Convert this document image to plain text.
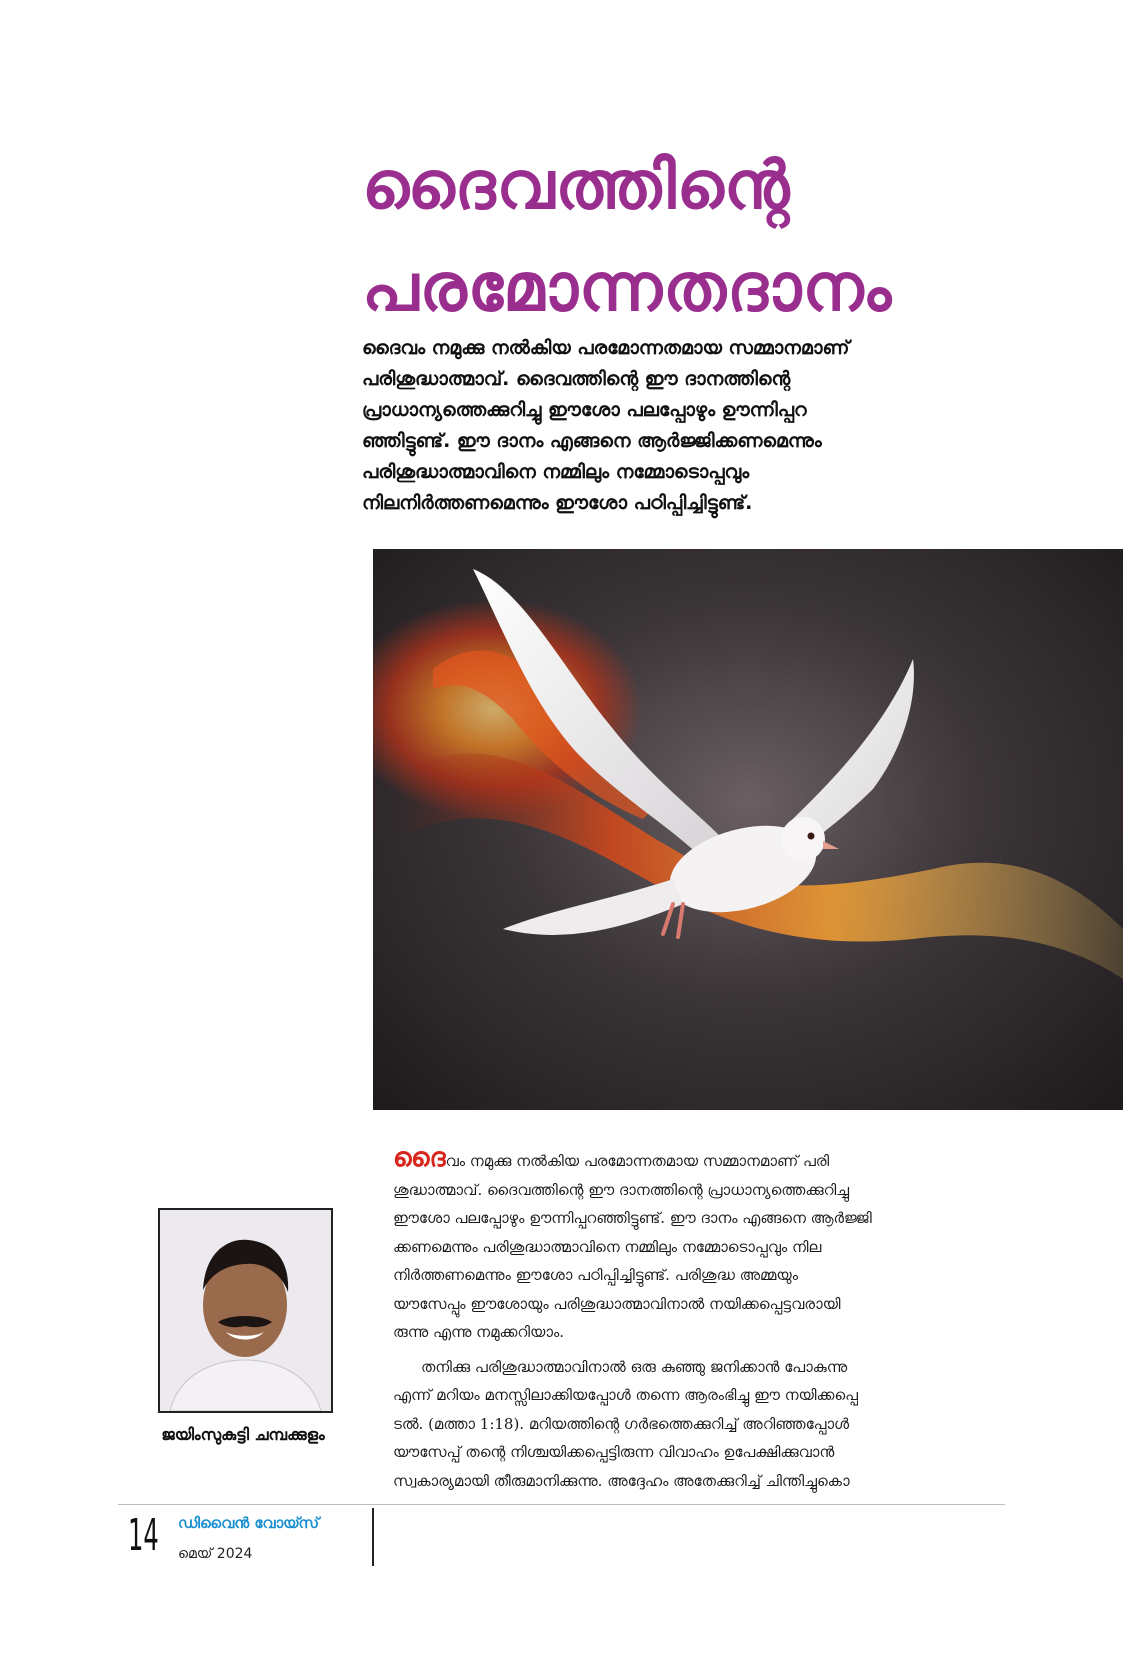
ദൈവത്തിന്റെ
പരമോന്നതദാനം
ദൈവം നമുക്കു നൽകിയ പരമോന്നതമായ സമ്മാനമാണ്
പരിശുദ്ധാത്മാവ്. ദൈവത്തിന്റെ ഈ ദാനത്തിന്റെ
പ്രാധാന്യത്തെക്കുറിച്ചു ഈശോ പലപ്പോഴും ഊന്നിപ്പറ
ഞ്ഞിട്ടുണ്ട്. ഈ ദാനം എങ്ങനെ ആർജ്ജിക്കണമെന്നും
പരിശുദ്ധാത്മാവിനെ നമ്മിലും നമ്മോടൊപ്പവും
നിലനിർത്തണമെന്നും ഈശോ പഠിപ്പിച്ചിട്ടുണ്ട്.
ജയിംസുകുട്ടി ചമ്പക്കുളം

ദൈവം നമുക്കു നൽകിയ പരമോന്നതമായ സമ്മാനമാണ് പരി
ശുദ്ധാത്മാവ്. ദൈവത്തിന്റെ ഈ ദാനത്തിന്റെ പ്രാധാന്യത്തെക്കുറിച്ചു
ഈശോ പലപ്പോഴും ഊന്നിപ്പറഞ്ഞിട്ടുണ്ട്. ഈ ദാനം എങ്ങനെ ആർജ്ജി
ക്കണമെന്നും പരിശുദ്ധാത്മാവിനെ നമ്മിലും നമ്മോടൊപ്പവും നില
നിർത്തണമെന്നും ഈശോ പഠിപ്പിച്ചിട്ടുണ്ട്. പരിശുദ്ധ അമ്മയും
യൗസേപ്പും ഈശോയും പരിശുദ്ധാത്മാവിനാൽ നയിക്കപ്പെട്ടവരായി
രുന്നു എന്നു നമുക്കറിയാം.

തനിക്കു പരിശുദ്ധാത്മാവിനാൽ ഒരു കുഞ്ഞു ജനിക്കാൻ പോകുന്നു
എന്ന് മറിയം മനസ്സിലാക്കിയപ്പോൾ തന്നെ ആരംഭിച്ചു ഈ നയിക്കപ്പെ
ടൽ. (മത്താ 1:18). മറിയത്തിന്റെ ഗർഭത്തെക്കുറിച്ച് അറിഞ്ഞപ്പോൾ
യൗസേപ്പ് തന്റെ നിശ്ചയിക്കപ്പെട്ടിരുന്ന വിവാഹം ഉപേക്ഷിക്കുവാൻ
സ്വകാര്യമായി തീരുമാനിക്കുന്നു. അദ്ദേഹം അതേക്കുറിച്ച് ചിന്തിച്ചുകൊ

14 ഡിവൈൻ വോയ്സ്
മെയ് 2024
